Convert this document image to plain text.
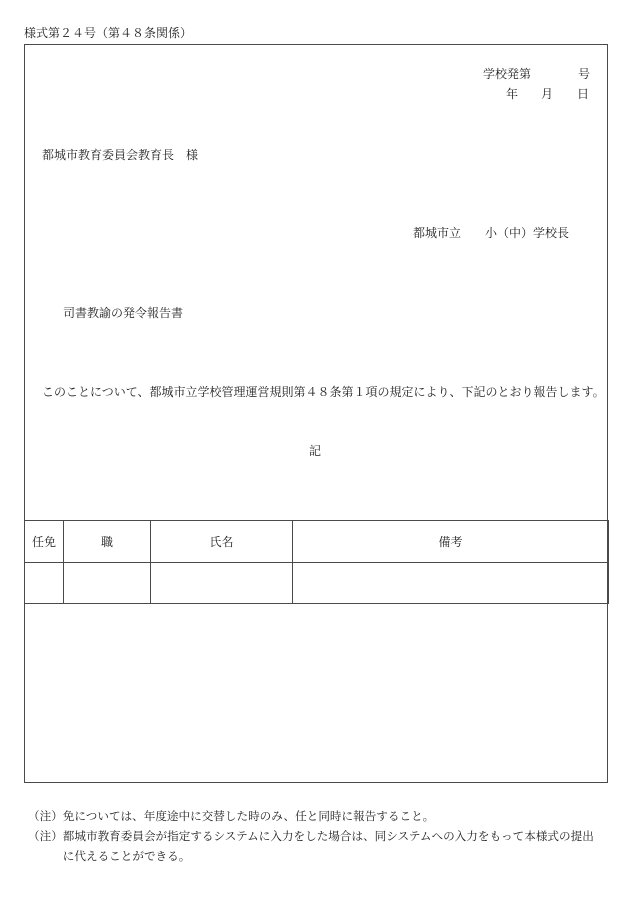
様式第２４号（第４８条関係）
学校発第	号
年 月 日
都城市教育委員会教育長　様
都城市立　　小（中）学校長
司書教諭の発令報告書
このことについて、都城市立学校管理運営規則第４８条第１項の規定により、下記のとおり報告します。
記
任免	職	氏名	備考

（注） 免については、年度途中に交替した時のみ、任と同時に報告すること。
（注） 都城市教育委員会が指定するシステムに入力をした場合は、同システムへの入力をもって本様式の提出
に代えることができる。
